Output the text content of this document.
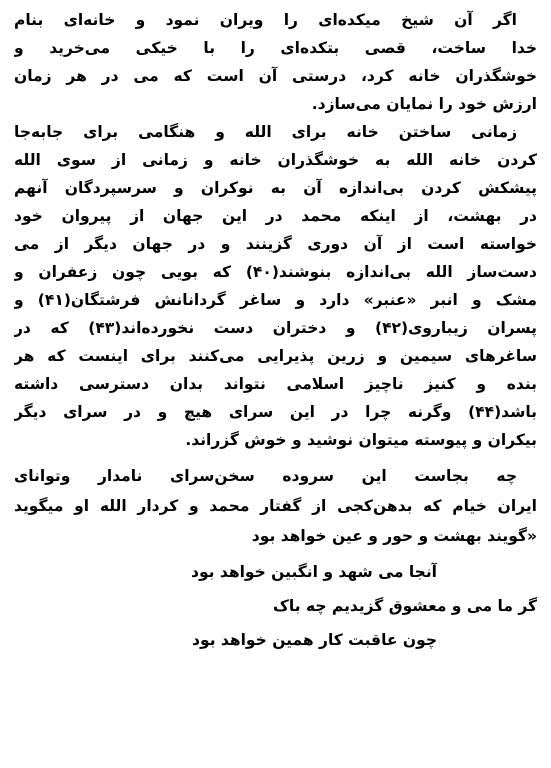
اگر آن شیخ میکده‌ای را ویران نمود و خانه‌ای بنام
خدا ساخت، قصی بتکده‌ای را با خیکی می‌خرید و
خوشگذران خانه کرد، درستی آن است که می در هر زمان
ارزش خود را نمایان می‌سازد.
زمانی ساختن خانه برای الله و هنگامی برای جابه‌جا
کردن خانه الله به خوشگذران خانه و زمانی از سوی الله
پیشکش کردن بی‌اندازه آن به نوکران و سرسپردگان آنهم
در بهشت، از اینکه محمد در این جهان از پیروان خود
خواسته است از آن دوری گزینند و در جهان دیگر از می
دست‌ساز الله بی‌اندازه بنوشند(۴۰) که بویی چون زعفران و
مشک و انبر «عنبر» دارد و ساغر گردانانش فرشتگان(۴۱) و
پسران زیباروی(۴۲) و دختران دست نخورده‌اند(۴۳) که در
ساغرهای سیمین و زرین پذیرایی می‌کنند برای اینست که هر
بنده و کنیز ناچیز اسلامی نتواند بدان دسترسی داشته
باشد(۴۴) وگرنه چرا در این سرای هیچ و در سرای دیگر
بیکران و پیوسته میتوان نوشید و خوش گزراند.
چه بجاست این سروده سخن‌سرای نامدار وتوانای
ایران خیام که بدهن‌کجی از گفتار محمد و کردار الله او میگوید
«گویند بهشت و حور و عین خواهد بود
آنجا می شهد و انگبین خواهد بود
گر ما می و معشوق گزیدیم چه باک
چون عاقبت کار همین خواهد بود
